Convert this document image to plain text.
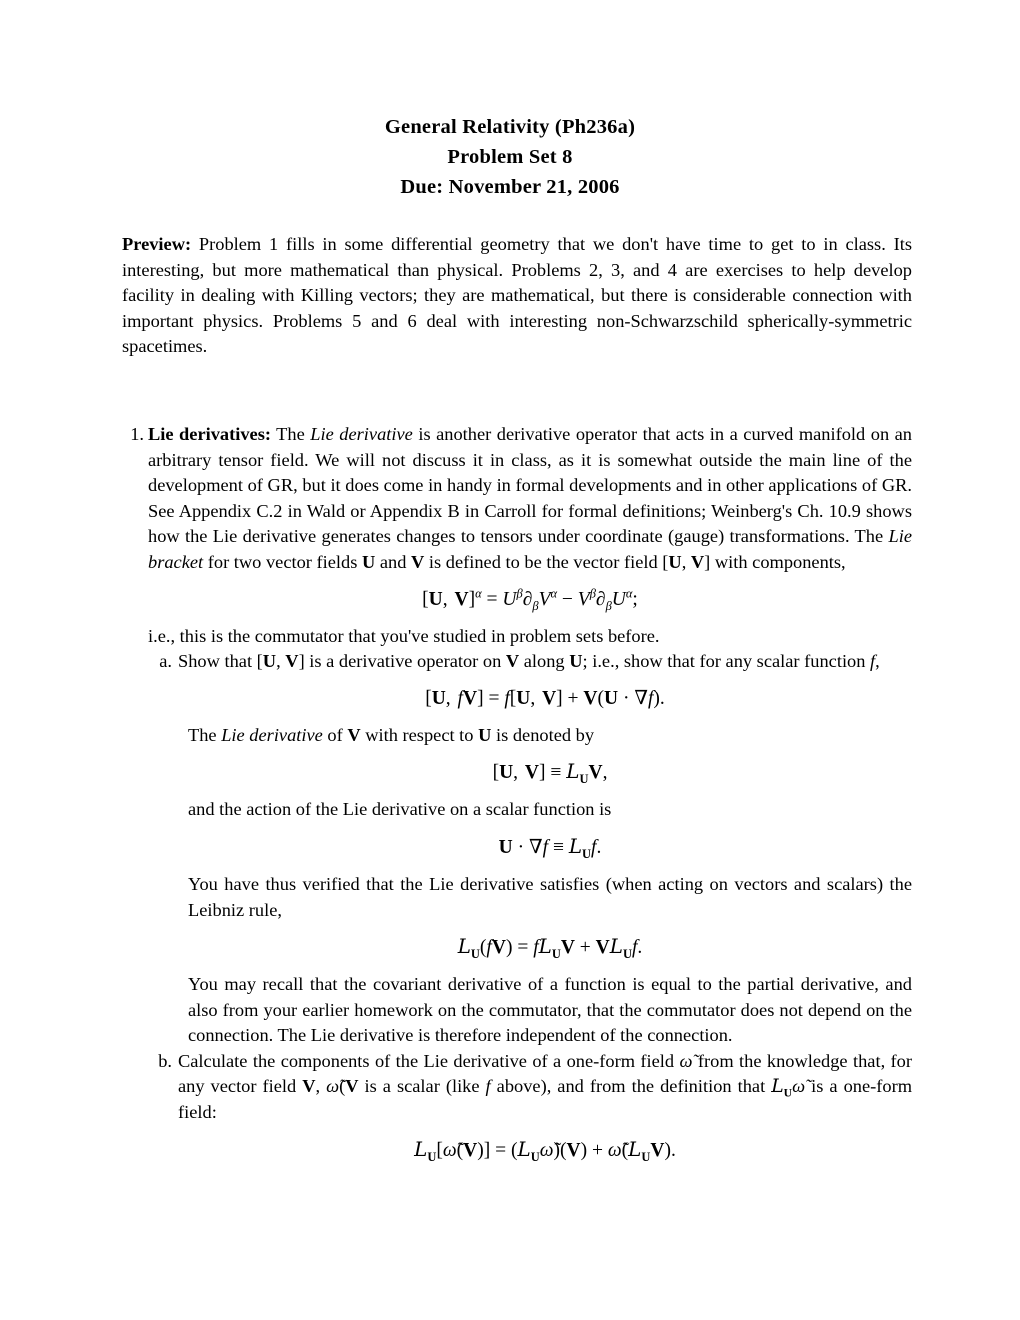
General Relativity (Ph236a)
Problem Set 8
Due: November 21, 2006

Preview: Problem 1 fills in some differential geometry that we don't have time to get to in class. Its interesting, but more mathematical than physical. Problems 2, 3, and 4 are exercises to help develop facility in dealing with Killing vectors; they are mathematical, but there is considerable connection with important physics. Problems 5 and 6 deal with interesting non-Schwarzschild spherically-symmetric spacetimes.

1. Lie derivatives: The Lie derivative is another derivative operator that acts in a curved manifold on an arbitrary tensor field. We will not discuss it in class, as it is somewhat outside the main line of the development of GR, but it does come in handy in formal developments and in other applications of GR. See Appendix C.2 in Wald or Appendix B in Carroll for formal definitions; Weinberg's Ch. 10.9 shows how the Lie derivative generates changes to tensors under coordinate (gauge) transformations. The Lie bracket for two vector fields U and V is defined to be the vector field [U, V] with components,

[U, $V]^\alpha = U^\beta\partial_\beta V^\alpha - V^\beta\partial_\beta U^\alpha$;

i.e., this is the commutator that you've studied in problem sets before.

a. Show that [U, V] is a derivative operator on V along U; i.e., show that for any scalar function f,

[U, fV] = f[U, V] + V(U · ∇f).

The Lie derivative of V with respect to U is denoted by

[U, $V] \equiv L_UV$,

and the action of the Lie derivative on a scalar function is

$U \cdot \nabla f \equiv L_Uf$.

You have thus verified that the Lie derivative satisfies (when acting on vectors and scalars) the Leibniz rule,

$L_U(fV) = fL_UV + VL_Uf$.

You may recall that the covariant derivative of a function is equal to the partial derivative, and also from your earlier homework on the commutator, that the commutator does not depend on the connection. The Lie derivative is therefore independent of the connection.

b. Calculate the components of the Lie derivative of a one-form field ω̃ from the knowledge that, for any vector field V, ω̃(V is a scalar (like f above), and from the definition that $L_U\omegã$ is a one-form field:

$L_U[\omegã(V)]$ = $(L_U\omegã)(V)$ + $\omegã(L_UV)$.
